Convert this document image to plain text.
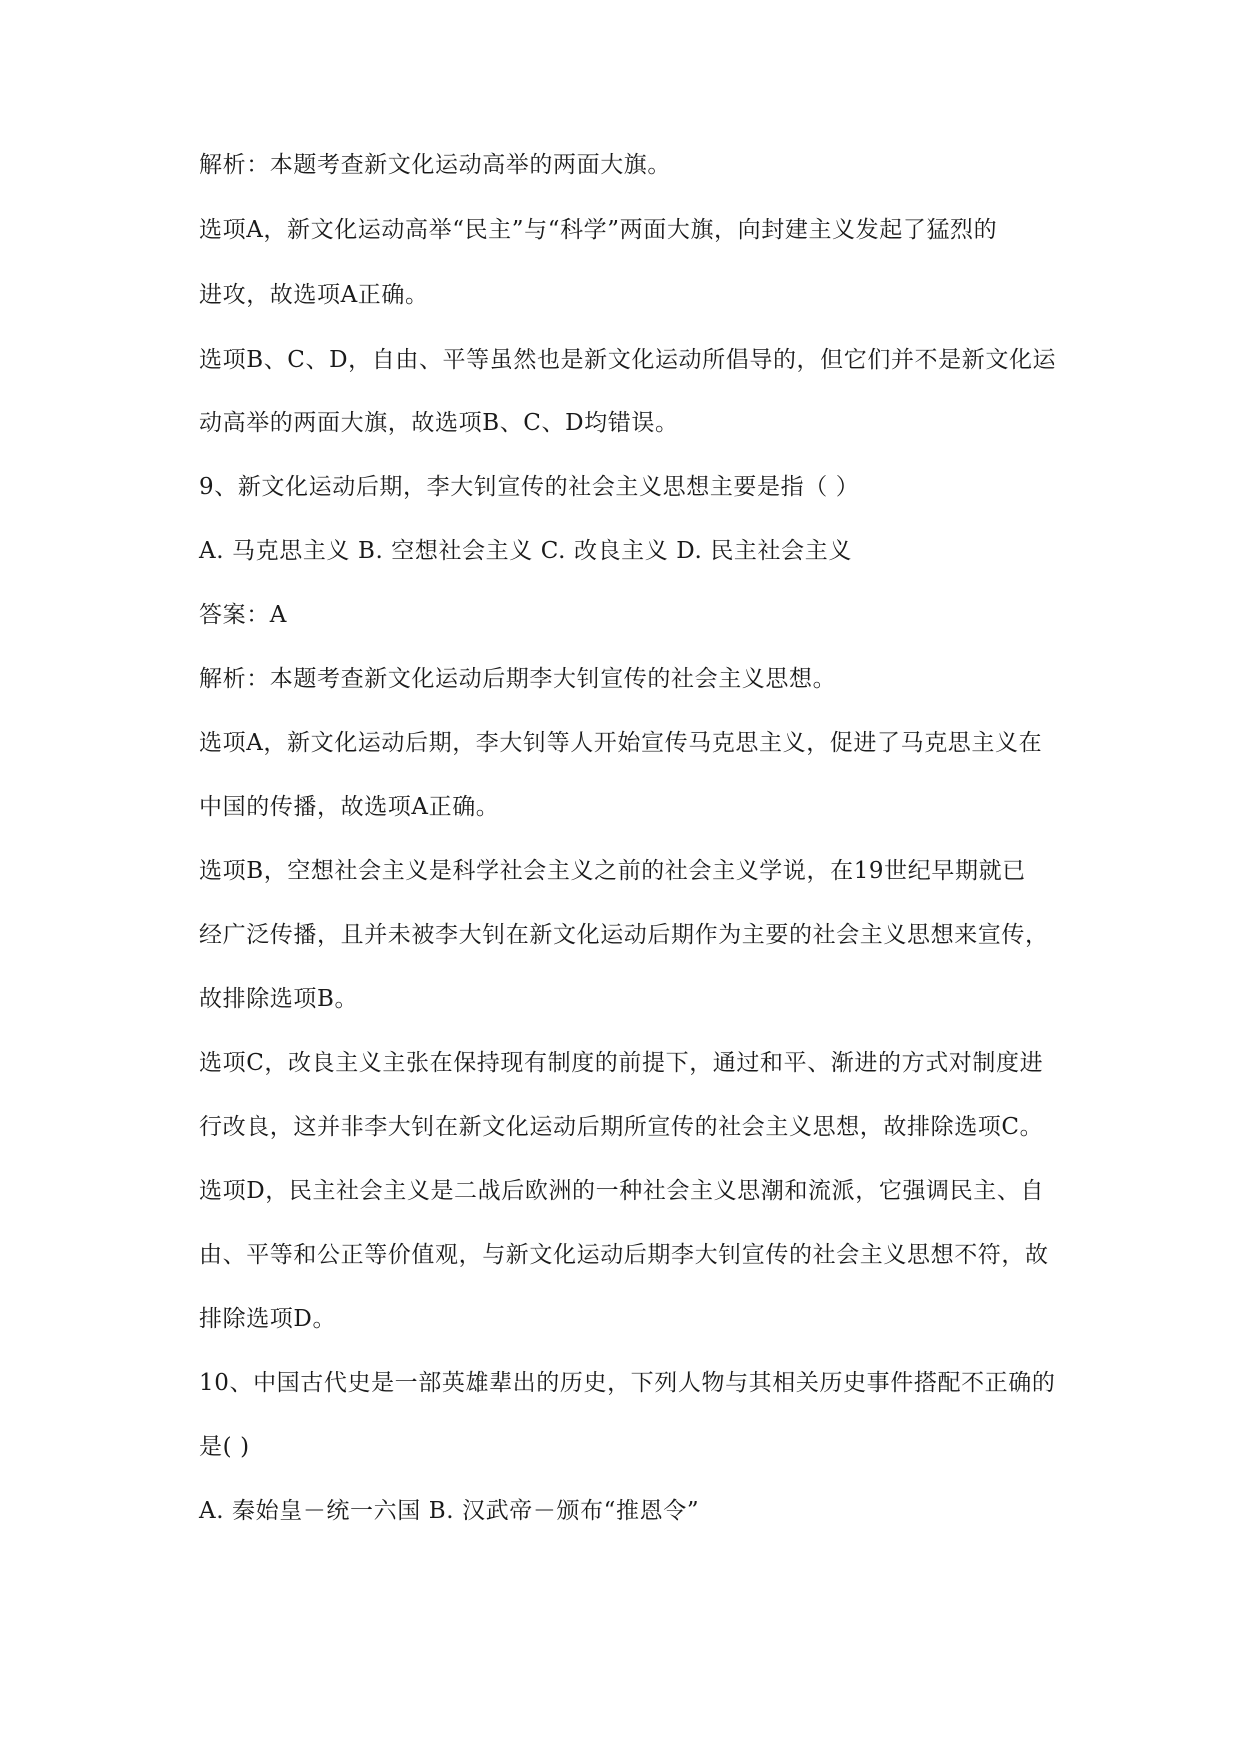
解析：本题考查新文化运动高举的两面大旗。
选项A，新文化运动高举“民主”与“科学”两面大旗，向封建主义发起了猛烈的
进攻，故选项A正确。
选项B、C、D，自由、平等虽然也是新文化运动所倡导的，但它们并不是新文化运
动高举的两面大旗，故选项B、C、D均错误。
9、新文化运动后期，李大钊宣传的社会主义思想主要是指（ ）
A. 马克思主义 B. 空想社会主义 C. 改良主义 D. 民主社会主义
答案：A
解析：本题考查新文化运动后期李大钊宣传的社会主义思想。
选项A，新文化运动后期，李大钊等人开始宣传马克思主义，促进了马克思主义在
中国的传播，故选项A正确。
选项B，空想社会主义是科学社会主义之前的社会主义学说，在19世纪早期就已
经广泛传播，且并未被李大钊在新文化运动后期作为主要的社会主义思想来宣传，
故排除选项B。
选项C，改良主义主张在保持现有制度的前提下，通过和平、渐进的方式对制度进
行改良，这并非李大钊在新文化运动后期所宣传的社会主义思想，故排除选项C。
选项D，民主社会主义是二战后欧洲的一种社会主义思潮和流派，它强调民主、自
由、平等和公正等价值观，与新文化运动后期李大钊宣传的社会主义思想不符，故
排除选项D。
10、中国古代史是一部英雄辈出的历史，下列人物与其相关历史事件搭配不正确的
是( )
A. 秦始皇－统一六国 B. 汉武帝－颁布“推恩令”
